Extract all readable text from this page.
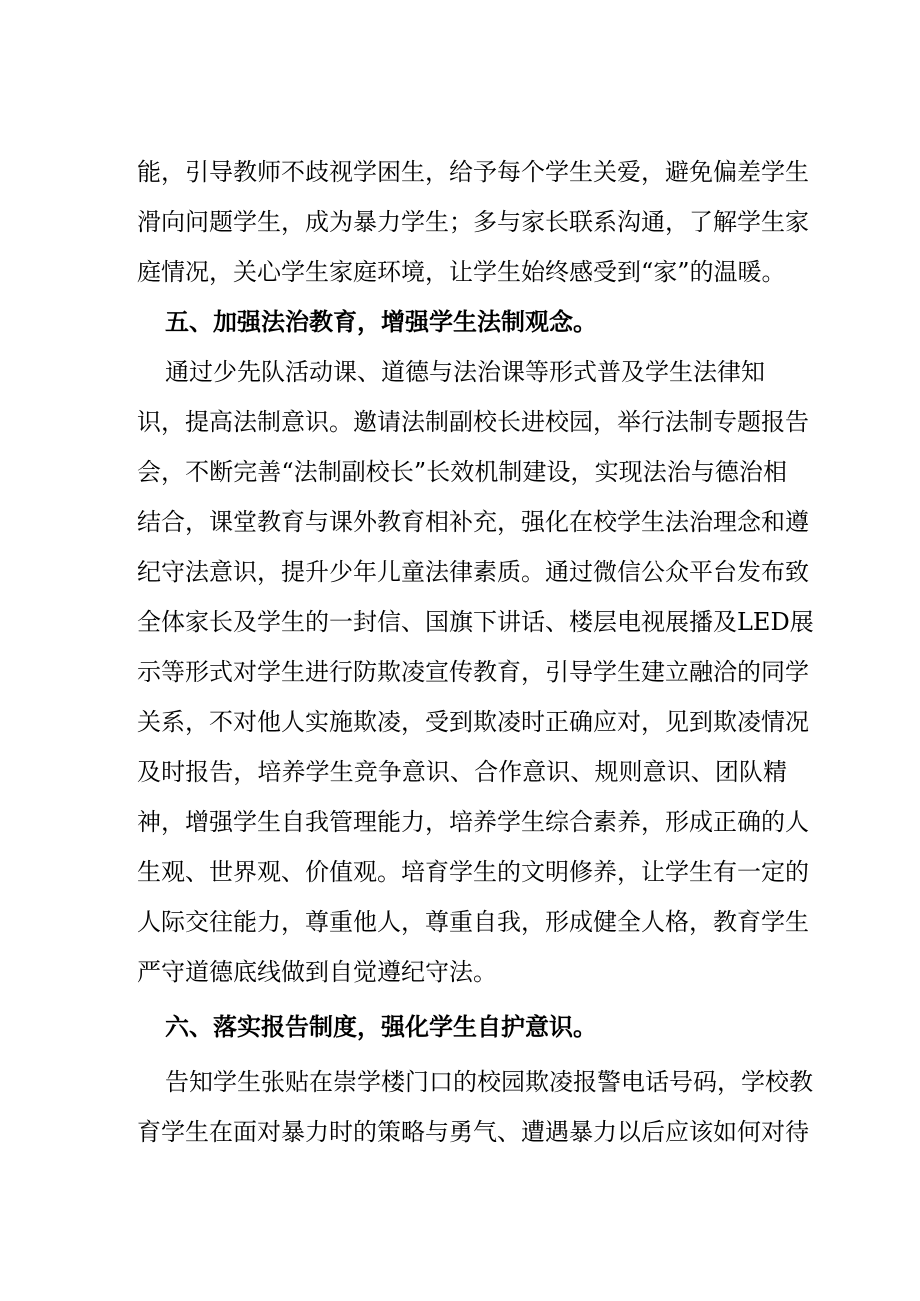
能，引导教师不歧视学困生，给予每个学生关爱，避免偏差学生
滑向问题学生，成为暴力学生；多与家长联系沟通，了解学生家
庭情况，关心学生家庭环境，让学生始终感受到“家”的温暖。
五、加强法治教育，增强学生法制观念。
通过少先队活动课、道德与法治课等形式普及学生法律知
识，提高法制意识。邀请法制副校长进校园，举行法制专题报告
会，不断完善“法制副校长”长效机制建设，实现法治与德治相
结合，课堂教育与课外教育相补充，强化在校学生法治理念和遵
纪守法意识，提升少年儿童法律素质。通过微信公众平台发布致
全体家长及学生的一封信、国旗下讲话、楼层电视展播及LED展
示等形式对学生进行防欺凌宣传教育，引导学生建立融洽的同学
关系，不对他人实施欺凌，受到欺凌时正确应对，见到欺凌情况
及时报告，培养学生竞争意识、合作意识、规则意识、团队精
神，增强学生自我管理能力，培养学生综合素养，形成正确的人
生观、世界观、价值观。培育学生的文明修养，让学生有一定的
人际交往能力，尊重他人，尊重自我，形成健全人格，教育学生
严守道德底线做到自觉遵纪守法。
六、落实报告制度，强化学生自护意识。
告知学生张贴在崇学楼门口的校园欺凌报警电话号码，学校教
育学生在面对暴力时的策略与勇气、遭遇暴力以后应该如何对待
